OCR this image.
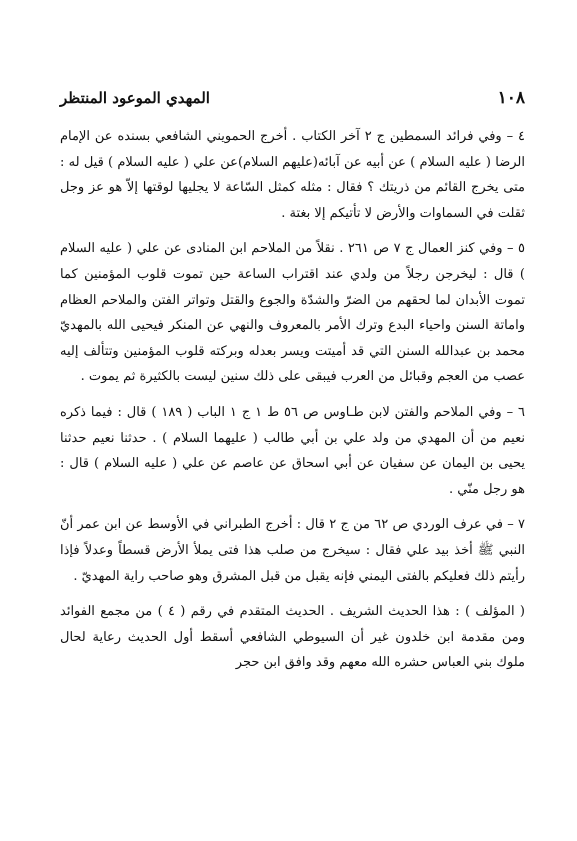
١٠٨
المهدي الموعود المنتظر

٤ – وفي فرائد السمطين ج ٢ آخر الكتاب . أخرج الحمويني الشافعي بسنده عن الإمام الرضا ( عليه السلام ) عن أبيه عن آبائه(عليهم السلام)عن علي ( عليه السلام ) قيل له : متى يخرج القائم من ذريتك ؟ فقال : مثله كمثل السّاعة لا يجليها لوقتها إلاّ هو عز وجل ثقلت في السماوات والأرض لا تأتيكم إلا بغتة .

٥ – وفي كنز العمال ج ٧ ص ٢٦١ . نقلاً من الملاحم ابن المنادى عن علي ( عليه السلام ) قال : ليخرجن رجلاً من ولدي عند اقتراب الساعة حين تموت قلوب المؤمنين كما تموت الأبدان لما لحقهم من الضرّ والشدّة والجوع والقتل وتواتر الفتن والملاحم العظام واماتة السنن واحياء البدع وترك الأمر بالمعروف والنهي عن المنكر فيحيى الله بالمهديّ محمد بن عبدالله السنن التي قد أميتت ويسر بعدله وبركته قلوب المؤمنين وتتألف إليه عصب من العجم وقبائل من العرب فيبقى على ذلك سنين ليست بالكثيرة ثم يموت .

٦ – وفي الملاحم والفتن لابن طـاوس ص ٥٦ ط ١ ج ١ الباب ( ١٨٩ ) قال : فيما ذكره نعيم من أن المهدي من ولد علي بن أبي طالب ( عليهما السلام ) . حدثنا نعيم حدثنا يحيى بن اليمان عن سفيان عن أبي اسحاق عن عاصم عن علي ( عليه السلام ) قال : هو رجل منّي .

٧ – في عرف الوردي ص ٦٢ من ج ٢ قال : أخرج الطبراني في الأوسط عن ابن عمر أنّ النبي ﷺ أخذ بيد علي فقال : سيخرج من صلب هذا فتى يملأ الأرض قسطاً وعدلاً فإذا رأيتم ذلك فعليكم بالفتى اليمني فإنه يقبل من قبل المشرق وهو صاحب راية المهديّ .

( المؤلف ) : هذا الحديث الشريف . الحديث المتقدم في رقم ( ٤ ) من مجمع الفوائد ومن مقدمة ابن خلدون غير أن السيوطي الشافعي أسقط أول الحديث رعاية لحال ملوك بني العباس حشره الله معهم وقد وافق ابن حجر
